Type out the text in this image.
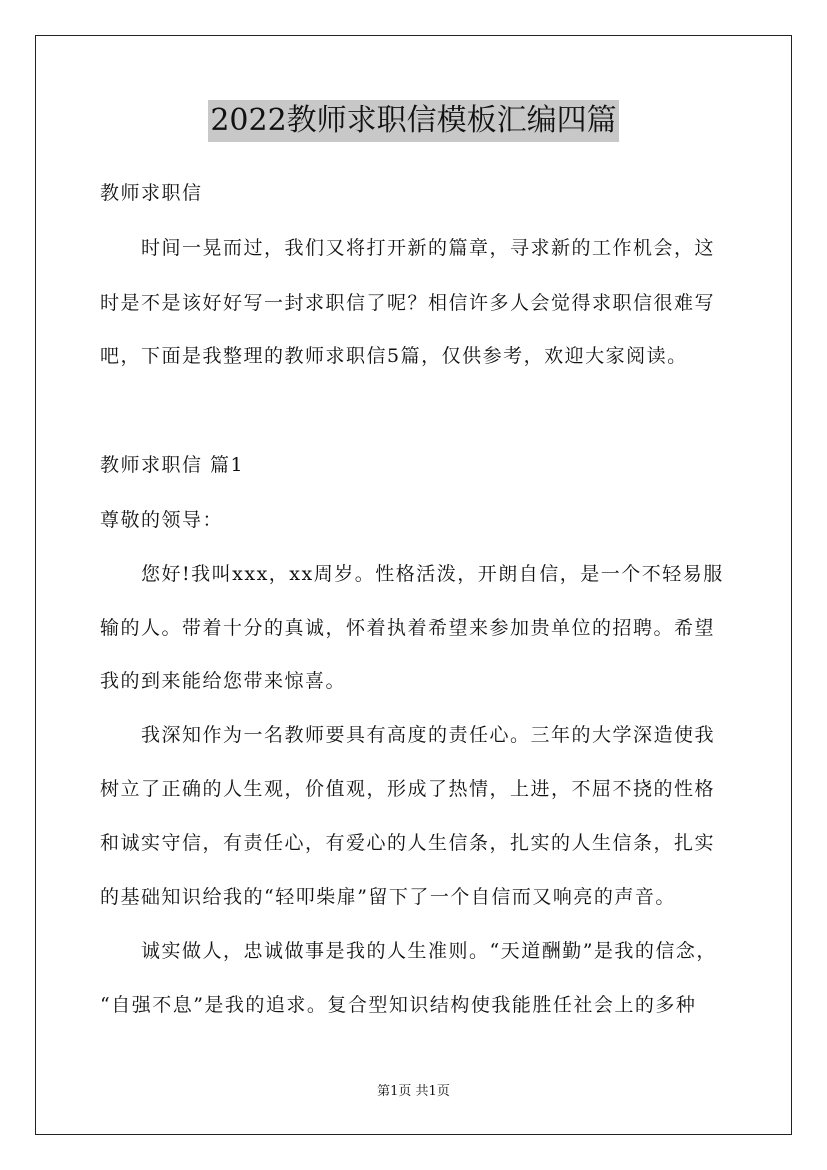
2022教师求职信模板汇编四篇
教师求职信
时间一晃而过，我们又将打开新的篇章，寻求新的工作机会，这
时是不是该好好写一封求职信了呢？相信许多人会觉得求职信很难写
吧，下面是我整理的教师求职信5篇，仅供参考，欢迎大家阅读。
教师求职信 篇1
尊敬的领导：
您好!我叫xxx，xx周岁。性格活泼，开朗自信，是一个不轻易服
输的人。带着十分的真诚，怀着执着希望来参加贵单位的招聘。希望
我的到来能给您带来惊喜。
我深知作为一名教师要具有高度的责任心。三年的大学深造使我
树立了正确的人生观，价值观，形成了热情，上进，不屈不挠的性格
和诚实守信，有责任心，有爱心的人生信条，扎实的人生信条，扎实
的基础知识给我的“轻叩柴扉”留下了一个自信而又响亮的声音。
诚实做人，忠诚做事是我的人生准则。“天道酬勤”是我的信念，
“自强不息”是我的追求。复合型知识结构使我能胜任社会上的多种
第1页 共1页
